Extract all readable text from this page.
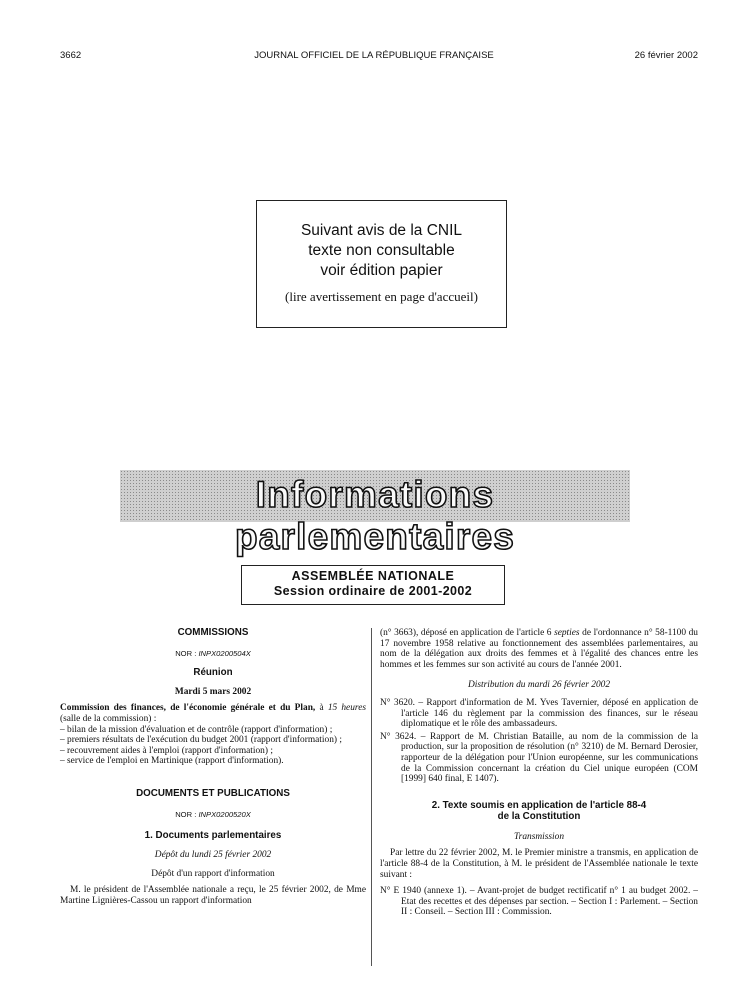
3662	JOURNAL OFFICIEL DE LA RÉPUBLIQUE FRANÇAISE	26 février 2002
Suivant avis de la CNIL
texte non consultable
voir édition papier
(lire avertissement en page d'accueil)
Informations parlementaires
ASSEMBLÉE NATIONALE
Session ordinaire de 2001-2002
COMMISSIONS
NOR : INPX0200504X
Réunion
Mardi 5 mars 2002
Commission des finances, de l'économie générale et du Plan, à 15 heures (salle de la commission) :
– bilan de la mission d'évaluation et de contrôle (rapport d'information) ;
– premiers résultats de l'exécution du budget 2001 (rapport d'information) ;
– recouvrement aides à l'emploi (rapport d'information) ;
– service de l'emploi en Martinique (rapport d'information).
DOCUMENTS ET PUBLICATIONS
NOR : INPX0200520X
1. Documents parlementaires
Dépôt du lundi 25 février 2002
Dépôt d'un rapport d'information
M. le président de l'Assemblée nationale a reçu, le 25 février 2002, de Mme Martine Lignières-Cassou un rapport d'information
(n° 3663), déposé en application de l'article 6 septies de l'ordonnance n° 58-1100 du 17 novembre 1958 relative au fonctionnement des assemblées parlementaires, au nom de la délégation aux droits des femmes et à l'égalité des chances entre les hommes et les femmes sur son activité au cours de l'année 2001.
Distribution du mardi 26 février 2002
N° 3620. – Rapport d'information de M. Yves Tavernier, déposé en application de l'article 146 du règlement par la commission des finances, sur le réseau diplomatique et le rôle des ambassadeurs.
N° 3624. – Rapport de M. Christian Bataille, au nom de la commission de la production, sur la proposition de résolution (n° 3210) de M. Bernard Derosier, rapporteur de la délégation pour l'Union européenne, sur les communications de la Commission concernant la création du Ciel unique européen (COM [1999] 640 final, E 1407).
2. Texte soumis en application de l'article 88-4
de la Constitution
Transmission
Par lettre du 22 février 2002, M. le Premier ministre a transmis, en application de l'article 88-4 de la Constitution, à M. le président de l'Assemblée nationale le texte suivant :
N° E 1940 (annexe 1). – Avant-projet de budget rectificatif n° 1 au budget 2002. – Etat des recettes et des dépenses par section. – Section I : Parlement. – Section II : Conseil. – Section III : Commission.
